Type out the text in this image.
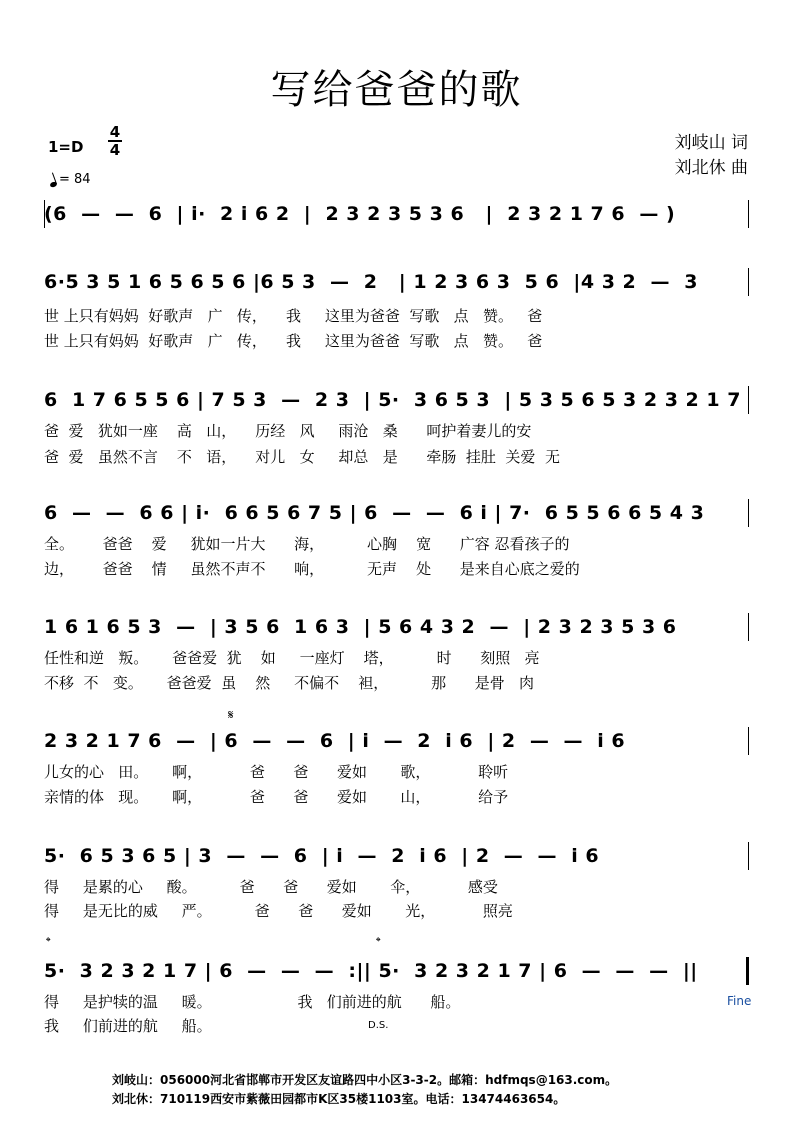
写给爸爸的歌
1=D
4
4
= 84
刘岐山 词
刘北休 曲
(6  —  —  6  | i·  2 i 6 2  |  2 3 2 3 5 3 6   |  2 3 2 1 7 6  — )
6·5 3 5 1 6 5 6 5 6 |6 5 3  —  2   | 1 2 3 6 3  5 6  |4 3 2  —  3
世 上只有妈妈  好歌声   广   传，    我     这里为爸爸  写歌   点   赞。   爸
世 上只有妈妈  好歌声   广   传，    我     这里为爸爸  写歌   点   赞。   爸
6  1 7 6 5 5 6 | 7 5 3  —  2 3  | 5·  3 6 5 3  | 5 3 5 6 5 3 2 3 2 1 7
爸  爱   犹如一座    高   山，    历经   风     雨沧   桑      呵护着妻儿的安
爸  爱   虽然不言    不   语，    对儿   女     却总   是      牵肠  挂肚  关爱  无
6  —  —  6 6 | i·  6 6 5 6 7 5 | 6  —  —  6 i | 7·  6 5 5 6 6 5 4 3
全。      爸爸    爱     犹如一片大      海，         心胸    宽      广容 忍看孩子的
边，      爸爸    情     虽然不声不      响，         无声    处      是来自心底之爱的
1 6 1 6 5 3  —  | 3 5 6  1 6 3  | 5 6 4 3 2  —  | 2 3 2 3 5 3 6
任性和逆   叛。     爸爸爱  犹    如     一座灯    塔，         时      刻照   亮
不移  不   变。     爸爸爱  虽    然     不偏不    袒，         那      是骨   肉
𝄋
2 3 2 1 7 6  —  | 6  —  —  6  | i  —  2  i 6  | 2  —  —  i 6
儿女的心   田。     啊，          爸      爸      爱如       歌，          聆听
亲情的体   现。     啊，          爸      爸      爱如       山，          给予
5·  6 5 3 6 5 | 3  —  —  6  | i  —  2  i 6  | 2  —  —  i 6
得     是累的心     酸。         爸      爸      爱如       伞，          感受
得     是无比的威     严。         爸      爸      爱如       光，          照亮
𝄌	𝄌
5·  3 2 3 2 1 7 | 6  —  —  —  :|| 5·  3 2 3 2 1 7 | 6  —  —  —  ||
得     是护犊的温     暖。                  我   们前进的航      船。
我     们前进的航     船。
Fine
D.S.
刘岐山：056000河北省邯郸市开发区友谊路四中小区3-3-2。邮箱：hdfmqs@163.com。
刘北休：710119西安市紫薇田园都市K区35楼1103室。电话：13474463654。
